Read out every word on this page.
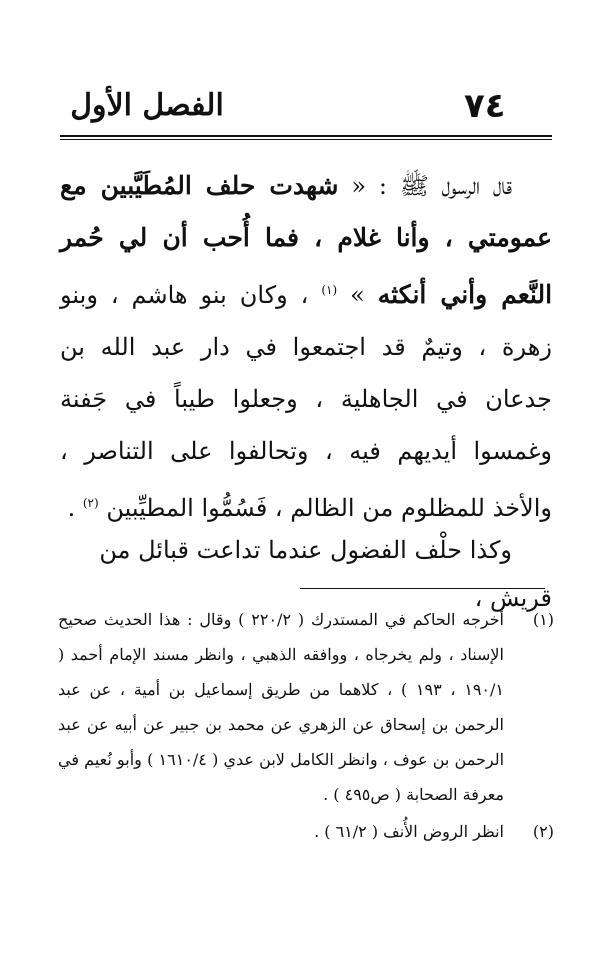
٧٤
الفصل الأول

قال الرسول ﷺ : « شهدت حلف المُطَيَّبين مع عمومتي ، وأنا غلام ، فما أُحب أن لي حُمر النَّعم وأني أنكثه » $^{(١)}$ ، وكان بنو هاشم ، وبنو زهرة ، وتيمٌ قد اجتمعوا في دار عبد الله بن جدعان في الجاهلية ، وجعلوا طيباً في جَفنة وغمسوا أيديهم فيه ، وتحالفوا على التناصر ، والأخذ للمظلوم من الظالم ، فَسُمُّوا المطيِّبين $^{(٢)}$ .

وكذا حلْف الفضول عندما تداعت قبائل من قريش ،
(١)
أخرجه الحاكم في المستدرك ( ٢٢٠/٢ ) وقال : هذا الحديث صحيح الإسناد ، ولم يخرجاه ، ووافقه الذهبي ، وانظر مسند الإمام أحمد ( ١٩٠/١ ، ١٩٣ ) ، كلاهما من طريق إسماعيل بن أمية ، عن عبد الرحمن بن إسحاق عن الزهري عن محمد بن جبير عن أبيه عن عبد الرحمن بن عوف ، وانظر الكامل لابن عدي ( ١٦١٠/٤ ) وأبو نُعيم في معرفة الصحابة ( ص٤٩٥ ) .
(٢)
انظر الروض الأُنف ( ٦١/٢ ) .
